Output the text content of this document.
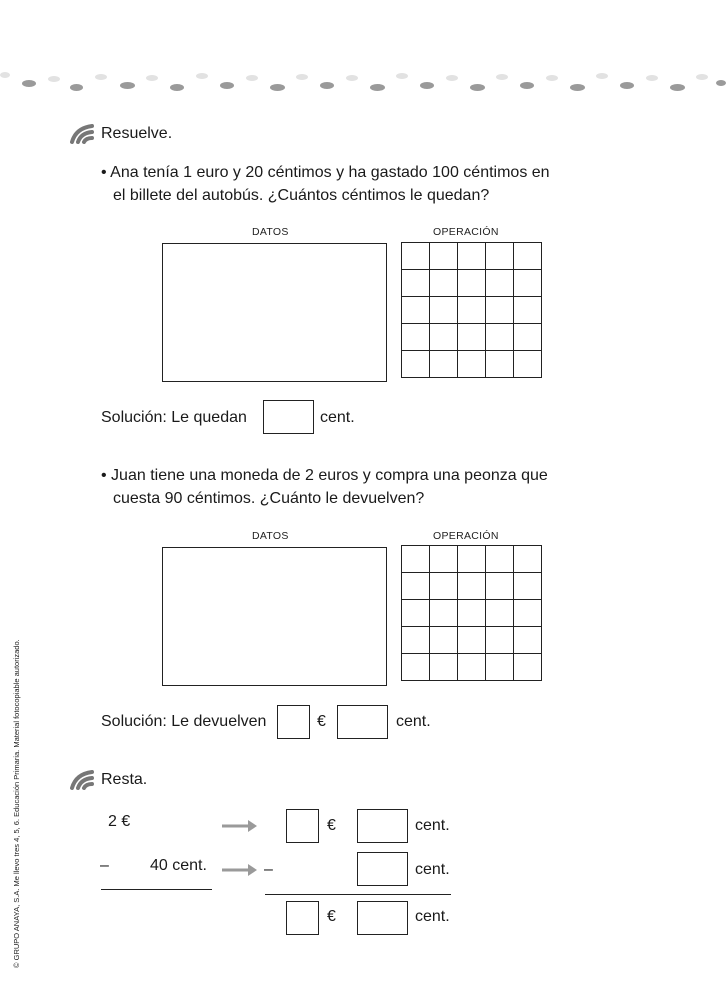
Resuelve.
• Ana tenía 1 euro y 20 céntimos y ha gastado 100 céntimos en
el billete del autobús. ¿Cuántos céntimos le quedan?
DATOS	OPERACIÓN

Solución: Le quedan	cent.
• Juan tiene una moneda de 2 euros y compra una peonza que
cuesta 90 céntimos. ¿Cuánto le devuelven?
DATOS	OPERACIÓN

Solución: Le devuelven	€	cent.
Resta.
2 €
–	40 cent.
€	cent.
–	cent.
€	cent.
© GRUPO ANAYA, S.A. Me llevo tres 4, 5, 6. Educación Primaria. Material fotocopiable autorizado.
